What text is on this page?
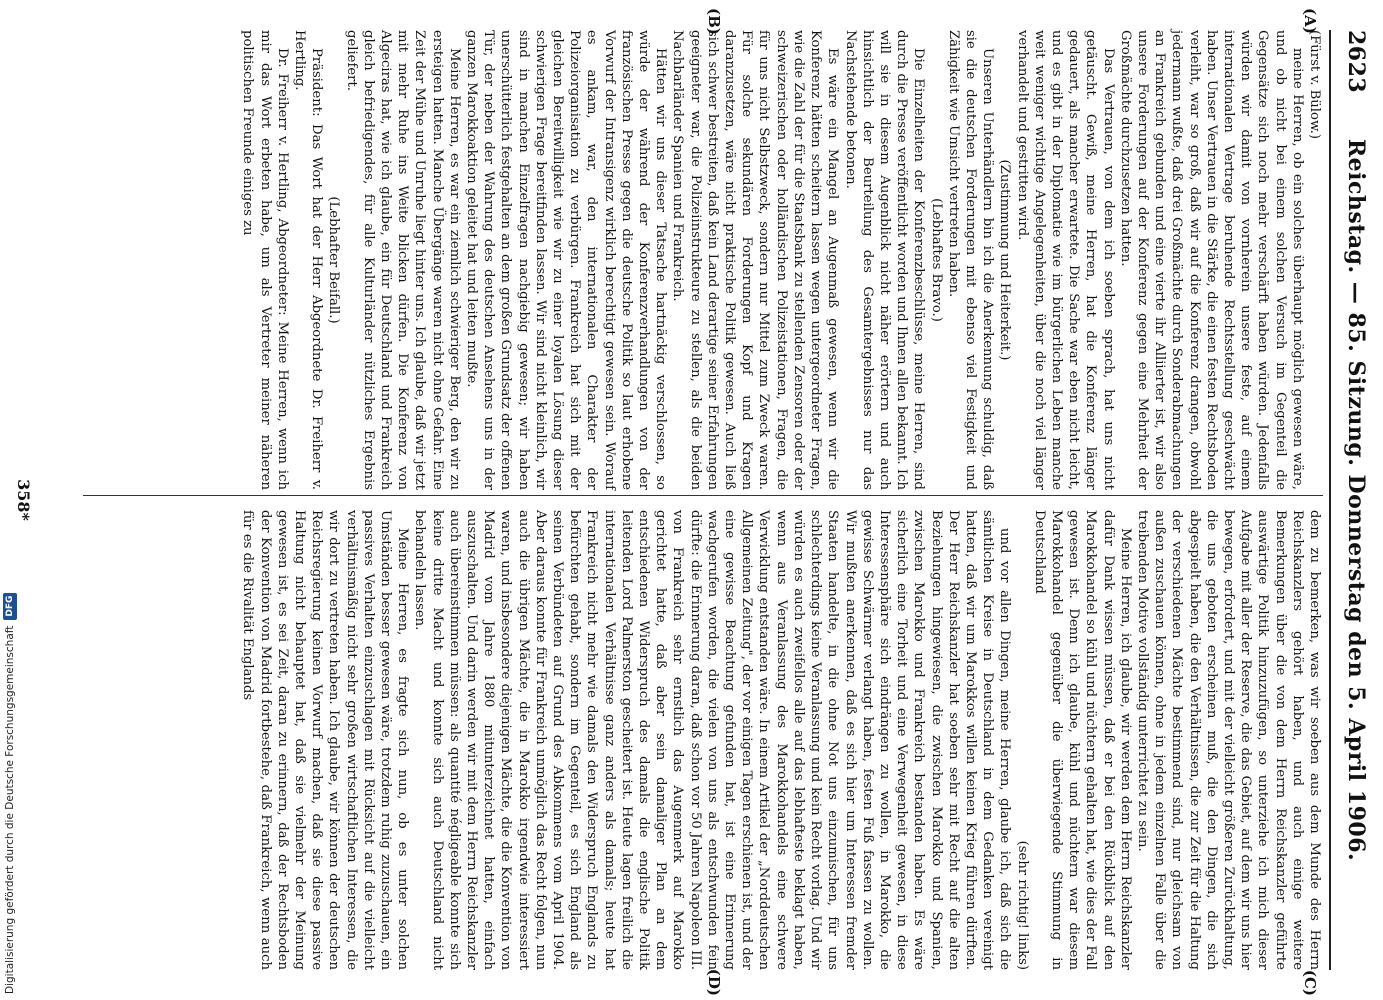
2623
Reichstag. — 85. Sitzung. Donnerstag den 5. April 1906.
(A)
(B)
(C)
(D)

(Fürst v. Bülow.)

meine Herren, ob ein solches überhaupt möglich gewesen wäre, und ob nicht bei einem solchen Versuch im Gegenteil die Gegensätze sich noch mehr verschärft haben würden. Jedenfalls würden wir damit von vornherein unsere feste, auf einem internationalen Vertrage beruhende Rechtsstellung geschwächt haben. Unser Vertrauen in die Stärke, die einen festen Rechtsboden verleiht, war so groß, daß wir auf die Konferenz drangen, obwohl jedermann wußte, daß drei Großmächte durch Sonderabmachungen an Frankreich gebunden und eine vierte ihr Alliierter ist, wir also unsere Forderungen auf der Konferenz gegen eine Mehrheit der Großmächte durchzusetzen hatten.

Das Vertrauen, von dem ich soeben sprach, hat uns nicht getäuscht. Gewiß, meine Herren, hat die Konferenz länger gedauert, als mancher erwartete. Die Sache war eben nicht leicht, und es gibt in der Diplomatie wie im bürgerlichen Leben manche weit weniger wichtige Angelegenheiten, über die noch viel länger verhandelt und gestritten wird.

(Zustimmung und Heiterkeit.)

Unseren Unterhändlern bin ich die Anerkennung schuldig, daß sie die deutschen Forderungen mit ebenso viel Festigkeit und Zähigkeit wie Umsicht vertreten haben.

(Lebhaftes Bravo.)

Die Einzelheiten der Konferenzbeschlüsse, meine Herren, sind durch die Presse veröffentlicht worden und Ihnen allen bekannt. Ich will sie in diesem Augenblick nicht näher erörtern und auch hinsichtlich der Beurteilung des Gesamtergebnisses nur das Nachstehende betonen.

Es wäre ein Mangel an Augenmaß gewesen, wenn wir die Konferenz hätten scheitern lassen wegen untergeordneter Fragen, wie die Zahl der für die Staatsbank zu stellenden Zensoren oder der schweizerischen oder holländischen Polizeistationen, Fragen, die für uns nicht Selbstzweck, sondern nur Mittel zum Zweck waren. Für solche sekundären Forderungen Kopf und Kragen daranzusetzen, wäre nicht praktische Politik gewesen. Auch ließ sich schwer bestreiten, daß kein Land derartige seiner Erfahrungen geeigneter war, die Polizeiinstrukteure zu stellen, als die beiden Nachbarländer Spanien und Frankreich.

Hätten wir uns dieser Tatsache hartnäckig verschlossen, so würde der während der Konferenzverhandlungen von der französischen Presse gegen die deutsche Politik so laut erhobene Vorwurf der Intransigenz wirklich berechtigt gewesen sein. Worauf es ankam, war, den internationalen Charakter der Polizeiorganisation zu verbürgen. Frankreich hat sich mit der gleichen Bereitwilligkeit wie wir zu einer loyalen Lösung dieser schwierigen Frage bereitfinden lassen. Wir sind nicht kleinlich, wir sind in manchen Einzelfragen nachgiebig gewesen; wir haben unerschütterlich festgehalten an dem großen Grundsatz der offenen Tür, der neben der Wahrung des deutschen Ansehens uns in der ganzen Marokkoaktion geleitet hat und leiten mußte.

Meine Herren, es war ein ziemlich schwieriger Berg, den wir zu ersteigen hatten. Manche Übergänge waren nicht ohne Gefahr. Eine Zeit der Mühe und Unruhe liegt hinter uns. Ich glaube, daß wir jetzt mit mehr Ruhe ins Weite blicken dürfen. Die Konferenz von Algeciras hat, wie ich glaube, ein für Deutschland und Frankreich gleich befriedigendes, für alle Kulturländer nützliches Ergebnis geliefert.

(Lebhafter Beifall.)

Präsident: Das Wort hat der Herr Abgeordnete Dr. Freiherr v. Hertling.

Dr. Freiherr v. Hertling, Abgeordneter: Meine Herren, wenn ich mir das Wort erbeten habe, um als Vertreter meiner näheren politischen Freunde einiges zu

dem zu bemerken, was wir soeben aus dem Munde des Herrn Reichskanzlers gehört haben, und auch einige weitere Bemerkungen über die von dem Herrn Reichskanzler geführte auswärtige Politik hinzuzufügen, so unterziehe ich mich dieser Aufgabe mit aller der Reserve, die das Gebiet, auf dem wir uns hier bewegen, erfordert, und mit der vielleicht größeren Zurückhaltung, die uns geboten erscheinen muß, die den Dingen, die sich abgespielt haben, die den Verhältnissen, die zur Zeit für die Haltung der verschiedenen Mächte bestimmend sind, nur gleichsam von außen zuschauen können, ohne in jedem einzelnen Falle über die treibenden Motive vollständig unterrichtet zu sein.

Meine Herren, ich glaube, wir werden dem Herrn Reichskanzler dafür Dank wissen müssen, daß er bei den Rückblick auf den Marokkohandel so kühl und nüchtern gehalten hat, wie dies der Fall gewesen ist. Denn ich glaube, kühl und nüchtern war diesem Marokkohandel gegenüber die überwiegende Stimmung in Deutschland

(sehr richtig! links)

und vor allen Dingen, meine Herren, glaube ich, daß sich die sämtlichen Kreise in Deutschland in dem Gedanken vereinigt hatten, daß wir um Marokkos willen keinen Krieg führen dürften. Der Herr Reichskanzler hat soeben sehr mit Recht auf die alten Beziehungen hingewiesen, die zwischen Marokko und Spanien, zwischen Marokko und Frankreich bestanden haben. Es wäre sicherlich eine Torheit und eine Verwegenheit gewesen, in diese Interessensphäre sich eindrängen zu wollen, in Marokko, die gewisse Schwärmer verlangt haben, festen Fuß fassen zu wollen. Wir mußten anerkennen, daß es sich hier um Interessen fremder Staaten handelte, in die ohne Not uns einzumischen, für uns schlechterdings keine Veranlassung und kein Recht vorlag. Und wir würden es auch zweifellos alle auf das lebhafteste beklagt haben, wenn aus Veranlassung des Marokkohandels eine schwere Verwicklung entstanden wäre. In einem Artikel der „Norddeutschen Allgemeinen Zeitung", der vor einigen Tagen erschienen ist, und der eine gewisse Beachtung gefunden hat, ist eine Erinnerung wachgerufen worden, die vielen von uns als entschwunden fein dürfte: die Erinnerung daran, daß schon vor 50 Jahren Napoleon III. von Frankreich sehr ernstlich das Augenmerk auf Marokko gerichtet hatte, daß aber sein damaliger Plan an dem entschiedenen Widerspruch des damals die englische Politik leitenden Lord Palmerston gescheitert ist. Heute lagen freilich die internationalen Verhältnisse ganz anders als damals; heute hat Frankreich nicht mehr wie damals den Widerspruch Englands zu befürchten gehabt, sondern im Gegenteil, es sich England als seinen Verbündeten auf Grund des Abkommens vom April 1904. Aber daraus konnte für Frankreich unmöglich das Recht folgen, nun auch die übrigen Mächte, die in Marokko irgendwie interessiert waren, und insbesondere diejenigen Mächte, die die Konvention von Madrid vom Jahre 1880 mitunterzeichnet hatten, einfach auszuschalten. Und darin werden wir mit dem Herrn Reichskanzler auch übereinstimmen müssen: als quantité négligeable konnte sich keine dritte Macht und konnte sich auch Deutschland nicht behandeln lassen.

Meine Herren, es fragte sich nun, ob es unter solchen Umständen besser gewesen wäre, trotzdem ruhig zuzuschauen, ein passives Verhalten einzuschlagen mit Rücksicht auf die vielleicht verhältnismäßig nicht sehr großen wirtschaftlichen Interessen, die wir dort zu vertreten haben. Ich glaube, wir können der deutschen Reichsregierung keinen Vorwurf machen, daß sie diese passive Haltung nicht behauptet hat, daß sie vielmehr der Meinung gewesen ist, es sei Zeit, daran zu erinnern, daß der Rechtsboden der Konvention von Madrid fortbestehe, daß Frankreich, wenn auch für es die Rivalität Englands

358*
Digitalisierung gefördert durch die Deutsche Forschungsgemeinschaft
DFG
